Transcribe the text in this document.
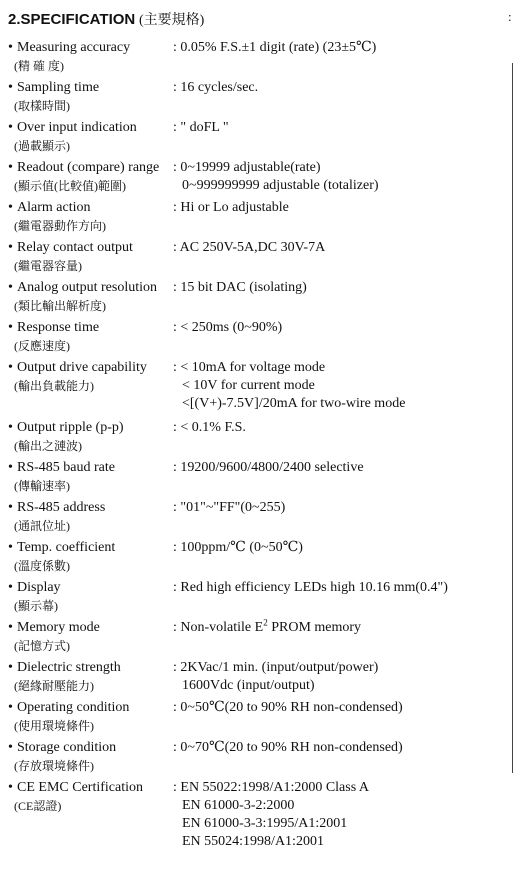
2.SPECIFICATION (主要規格)	:
• Measuring accuracy
(精 確 度)
: 0.05% F.S.±1 digit (rate) (23±5℃)
• Sampling time
(取樣時間)
: 16 cycles/sec.
• Over input indication
(過載顯示)
: " doFL "
• Readout (compare) range
(顯示值(比較值)範圍)
: 0~19999 adjustable(rate)
0~999999999 adjustable (totalizer)
• Alarm action
(繼電器動作方向)
: Hi or Lo adjustable
• Relay contact output
(繼電器容量)
: AC 250V-5A,DC 30V-7A
• Analog output resolution
(類比輸出解析度)
: 15 bit DAC (isolating)
• Response time
(反應速度)
: < 250ms (0~90%)
• Output drive capability
(輸出負載能力)
: < 10mA for voltage mode
< 10V for current mode
<[(V+)-7.5V]/20mA for two-wire mode
• Output ripple (p-p)
(輸出之漣波)
: < 0.1% F.S.
• RS-485 baud rate
(傳輸速率)
: 19200/9600/4800/2400 selective
• RS-485 address
(通訊位址)
: "01"~"FF"(0~255)
• Temp. coefficient
(溫度係數)
: 100ppm/℃ (0~50℃)
• Display
(顯示幕)
: Red high efficiency LEDs high 10.16 mm(0.4")
• Memory mode
(記憶方式)
: Non-volatile $E^2$ PROM memory
• Dielectric strength
(絕緣耐壓能力)
: 2KVac/1 min. (input/output/power)
1600Vdc (input/output)
• Operating condition
(使用環境條件)
: 0~50℃(20 to 90% RH non-condensed)
• Storage condition
(存放環境條件)
: 0~70℃(20 to 90% RH non-condensed)
• CE EMC Certification
(CE認證)
: EN 55022:1998/A1:2000 Class A
EN 61000-3-2:2000
EN 61000-3-3:1995/A1:2001
EN 55024:1998/A1:2001
